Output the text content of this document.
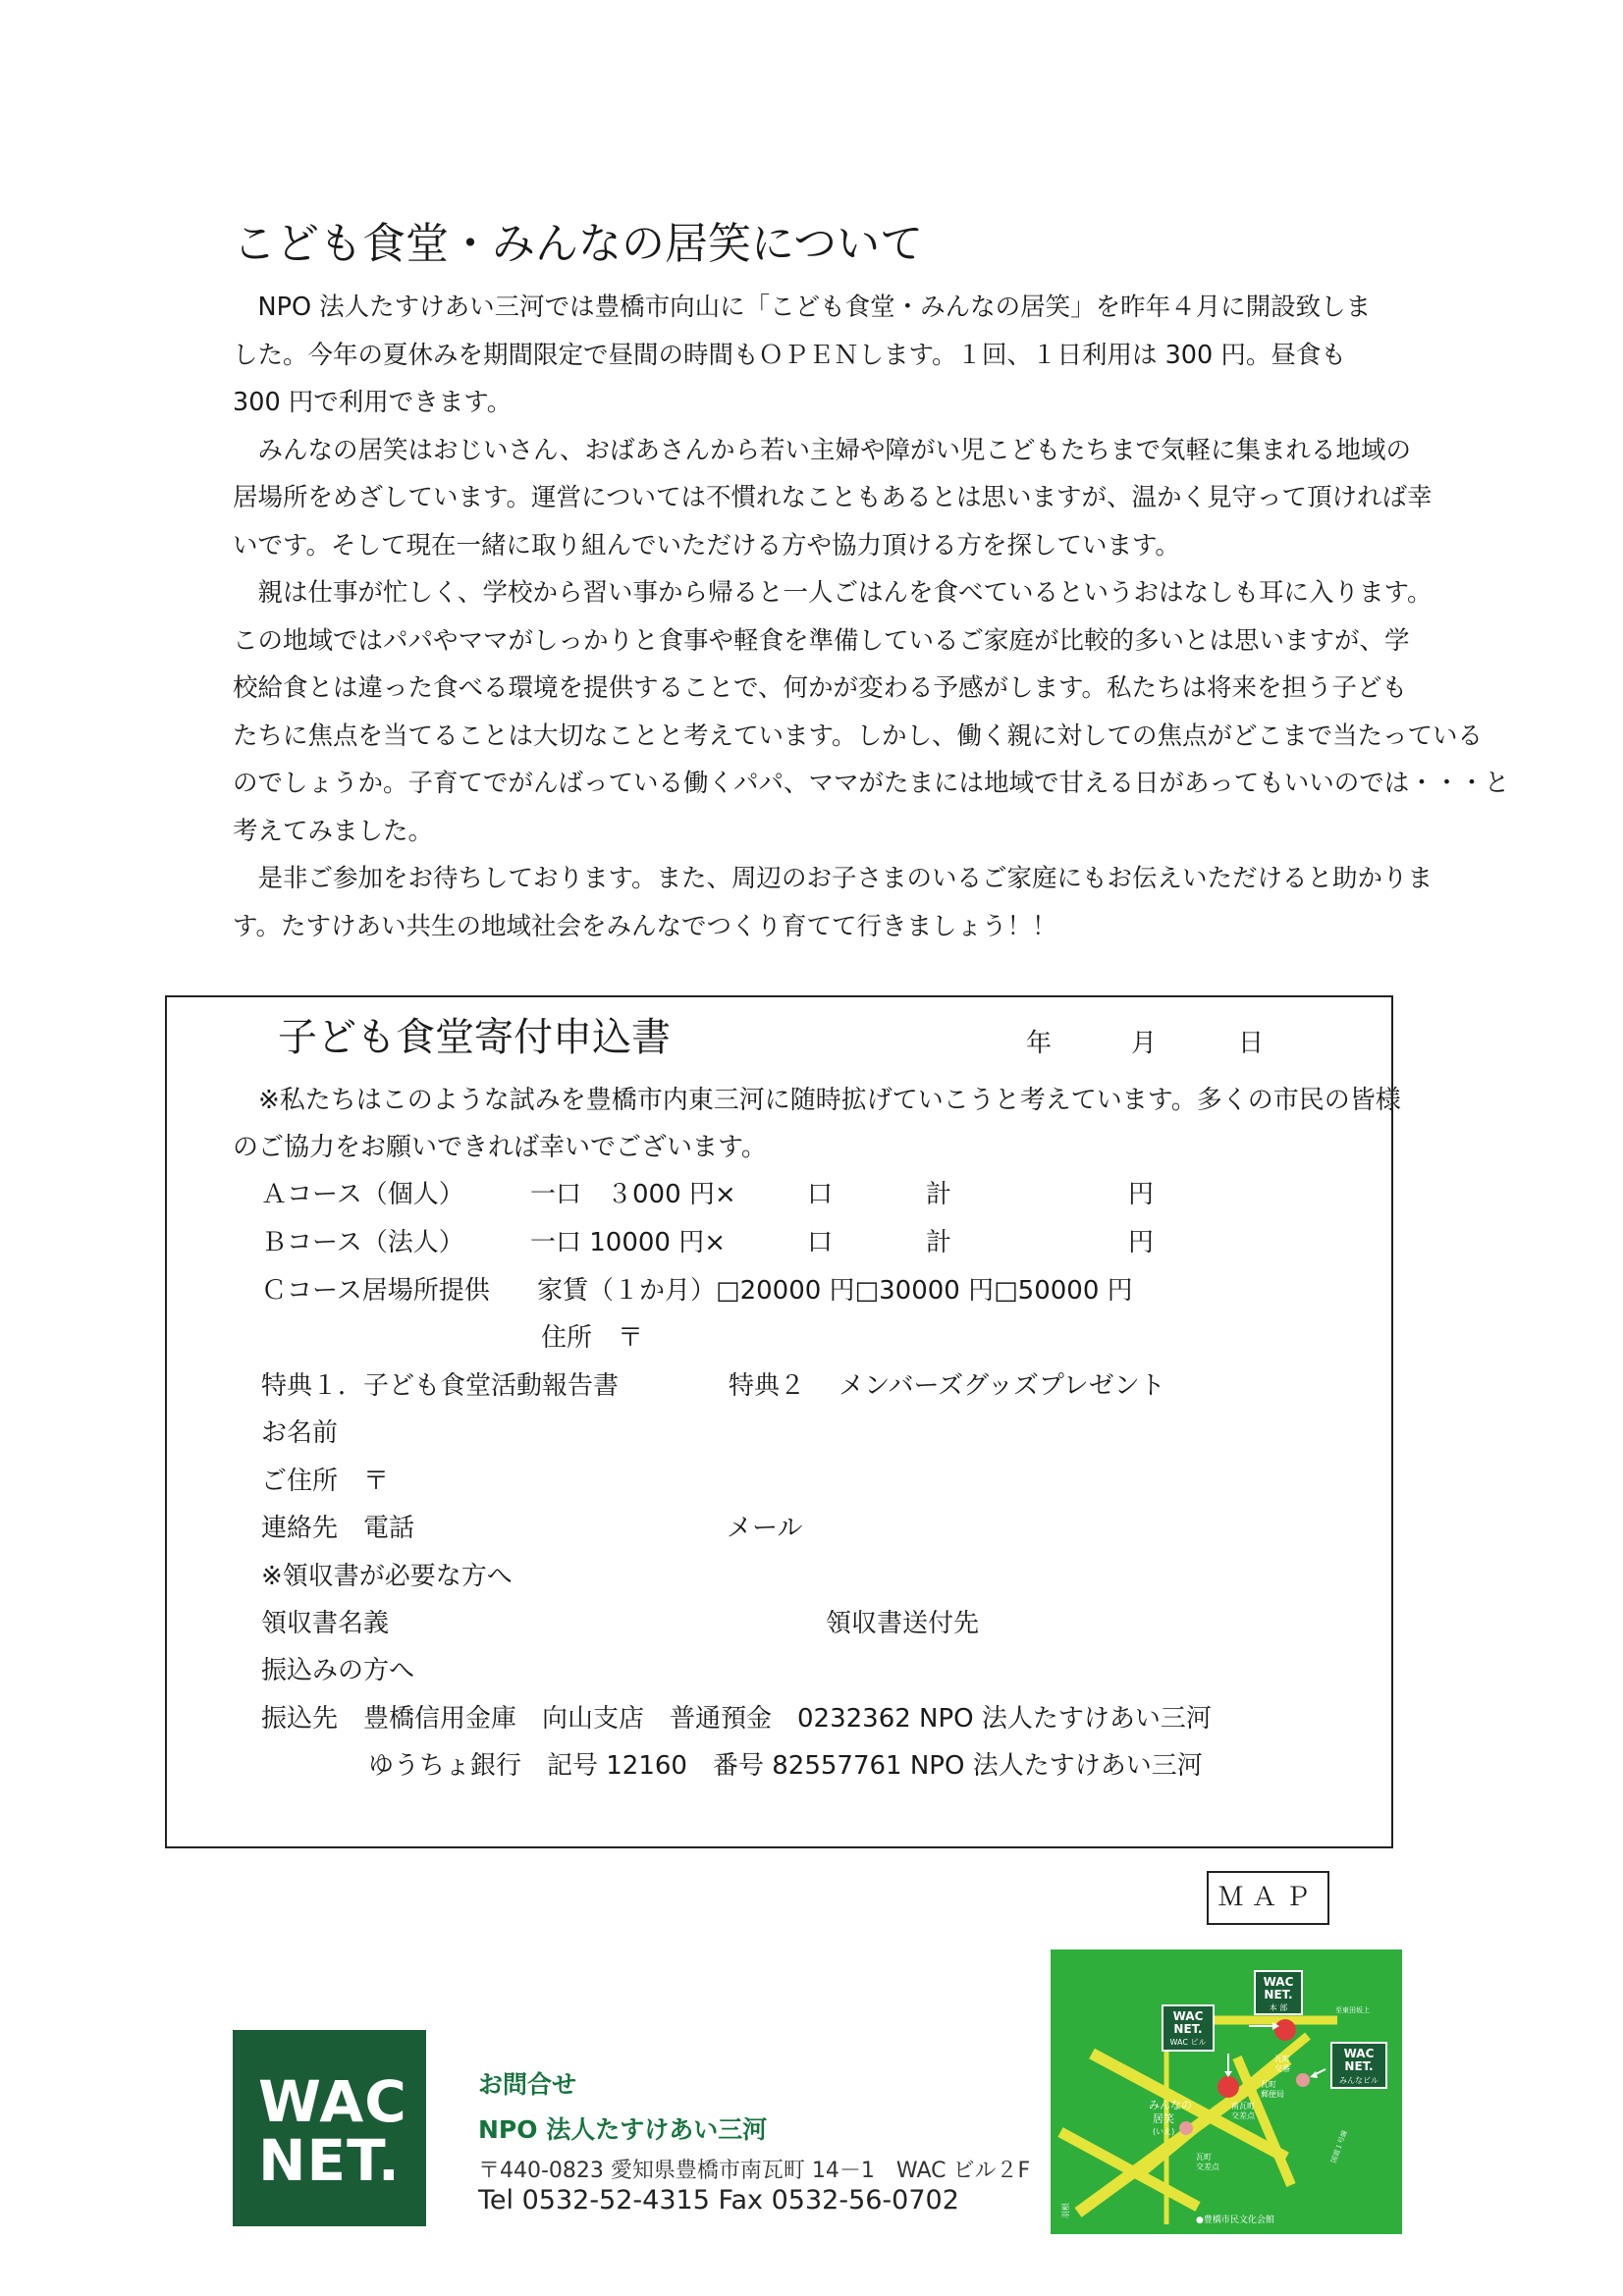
こども食堂・みんなの居笑について
　NPO 法人たすけあい三河では豊橋市向山に「こども食堂・みんなの居笑」を昨年４月に開設致しま
した。今年の夏休みを期間限定で昼間の時間もＯＰＥＮします。１回、１日利用は 300 円。昼食も
300 円で利用できます。
　みんなの居笑はおじいさん、おばあさんから若い主婦や障がい児こどもたちまで気軽に集まれる地域の
居場所をめざしています。運営については不慣れなこともあるとは思いますが、温かく見守って頂ければ幸
いです。そして現在一緒に取り組んでいただける方や協力頂ける方を探しています。
　親は仕事が忙しく、学校から習い事から帰ると一人ごはんを食べているというおはなしも耳に入ります。
この地域ではパパやママがしっかりと食事や軽食を準備しているご家庭が比較的多いとは思いますが、学
校給食とは違った食べる環境を提供することで、何かが変わる予感がします。私たちは将来を担う子ども
たちに焦点を当てることは大切なことと考えています。しかし、働く親に対しての焦点がどこまで当たっている
のでしょうか。子育てでがんばっている働くパパ、ママがたまには地域で甘える日があってもいいのでは・・・と
考えてみました。
　是非ご参加をお待ちしております。また、周辺のお子さまのいるご家庭にもお伝えいただけると助かりま
す。たすけあい共生の地域社会をみんなでつくり育てて行きましょう！！
子ども食堂寄付申込書	年	月	日
　※私たちはこのような試みを豊橋市内東三河に随時拡げていこうと考えています。多くの市民の皆様
のご協力をお願いできれば幸いでございます。
Ａコース（個人）	一口　３000 円×	口	計	円
Ｂコース（法人）	一口 10000 円×	口	計	円
Ｃコース居場所提供 家賃（１か月）□20000 円□30000 円□50000 円
住所　〒
特典１．子ども食堂活動報告書	特典２　 メンバーズグッズプレゼント
お名前
ご住所　〒
連絡先　電話	メール
※領収書が必要な方へ
領収書名義	領収書送付先
振込みの方へ
振込先　豊橋信用金庫　向山支店　普通預金　0232362 NPO 法人たすけあい三河
ゆうちょ銀行　記号 12160　番号 82557761 NPO 法人たすけあい三河
ＭＡＰ
WAC
NET.
お問合せ
NPO 法人たすけあい三河
〒440-0823 愛知県豊橋市南瓦町 14－1　WAC ビル２F
Tel 0532-52-4315 Fax 0532-56-0702
WAC
NET.
本 部
WAC
NET.
WAC ビル
WAC
NET.
みんなビル
みんなの
居笑
(いえ)
瓦町
交番
南瓦町
交差点
瓦町
郵便局
瓦町
交差点
羽根
●豊橋市民文化会館
至東田坂上
国道１号線
